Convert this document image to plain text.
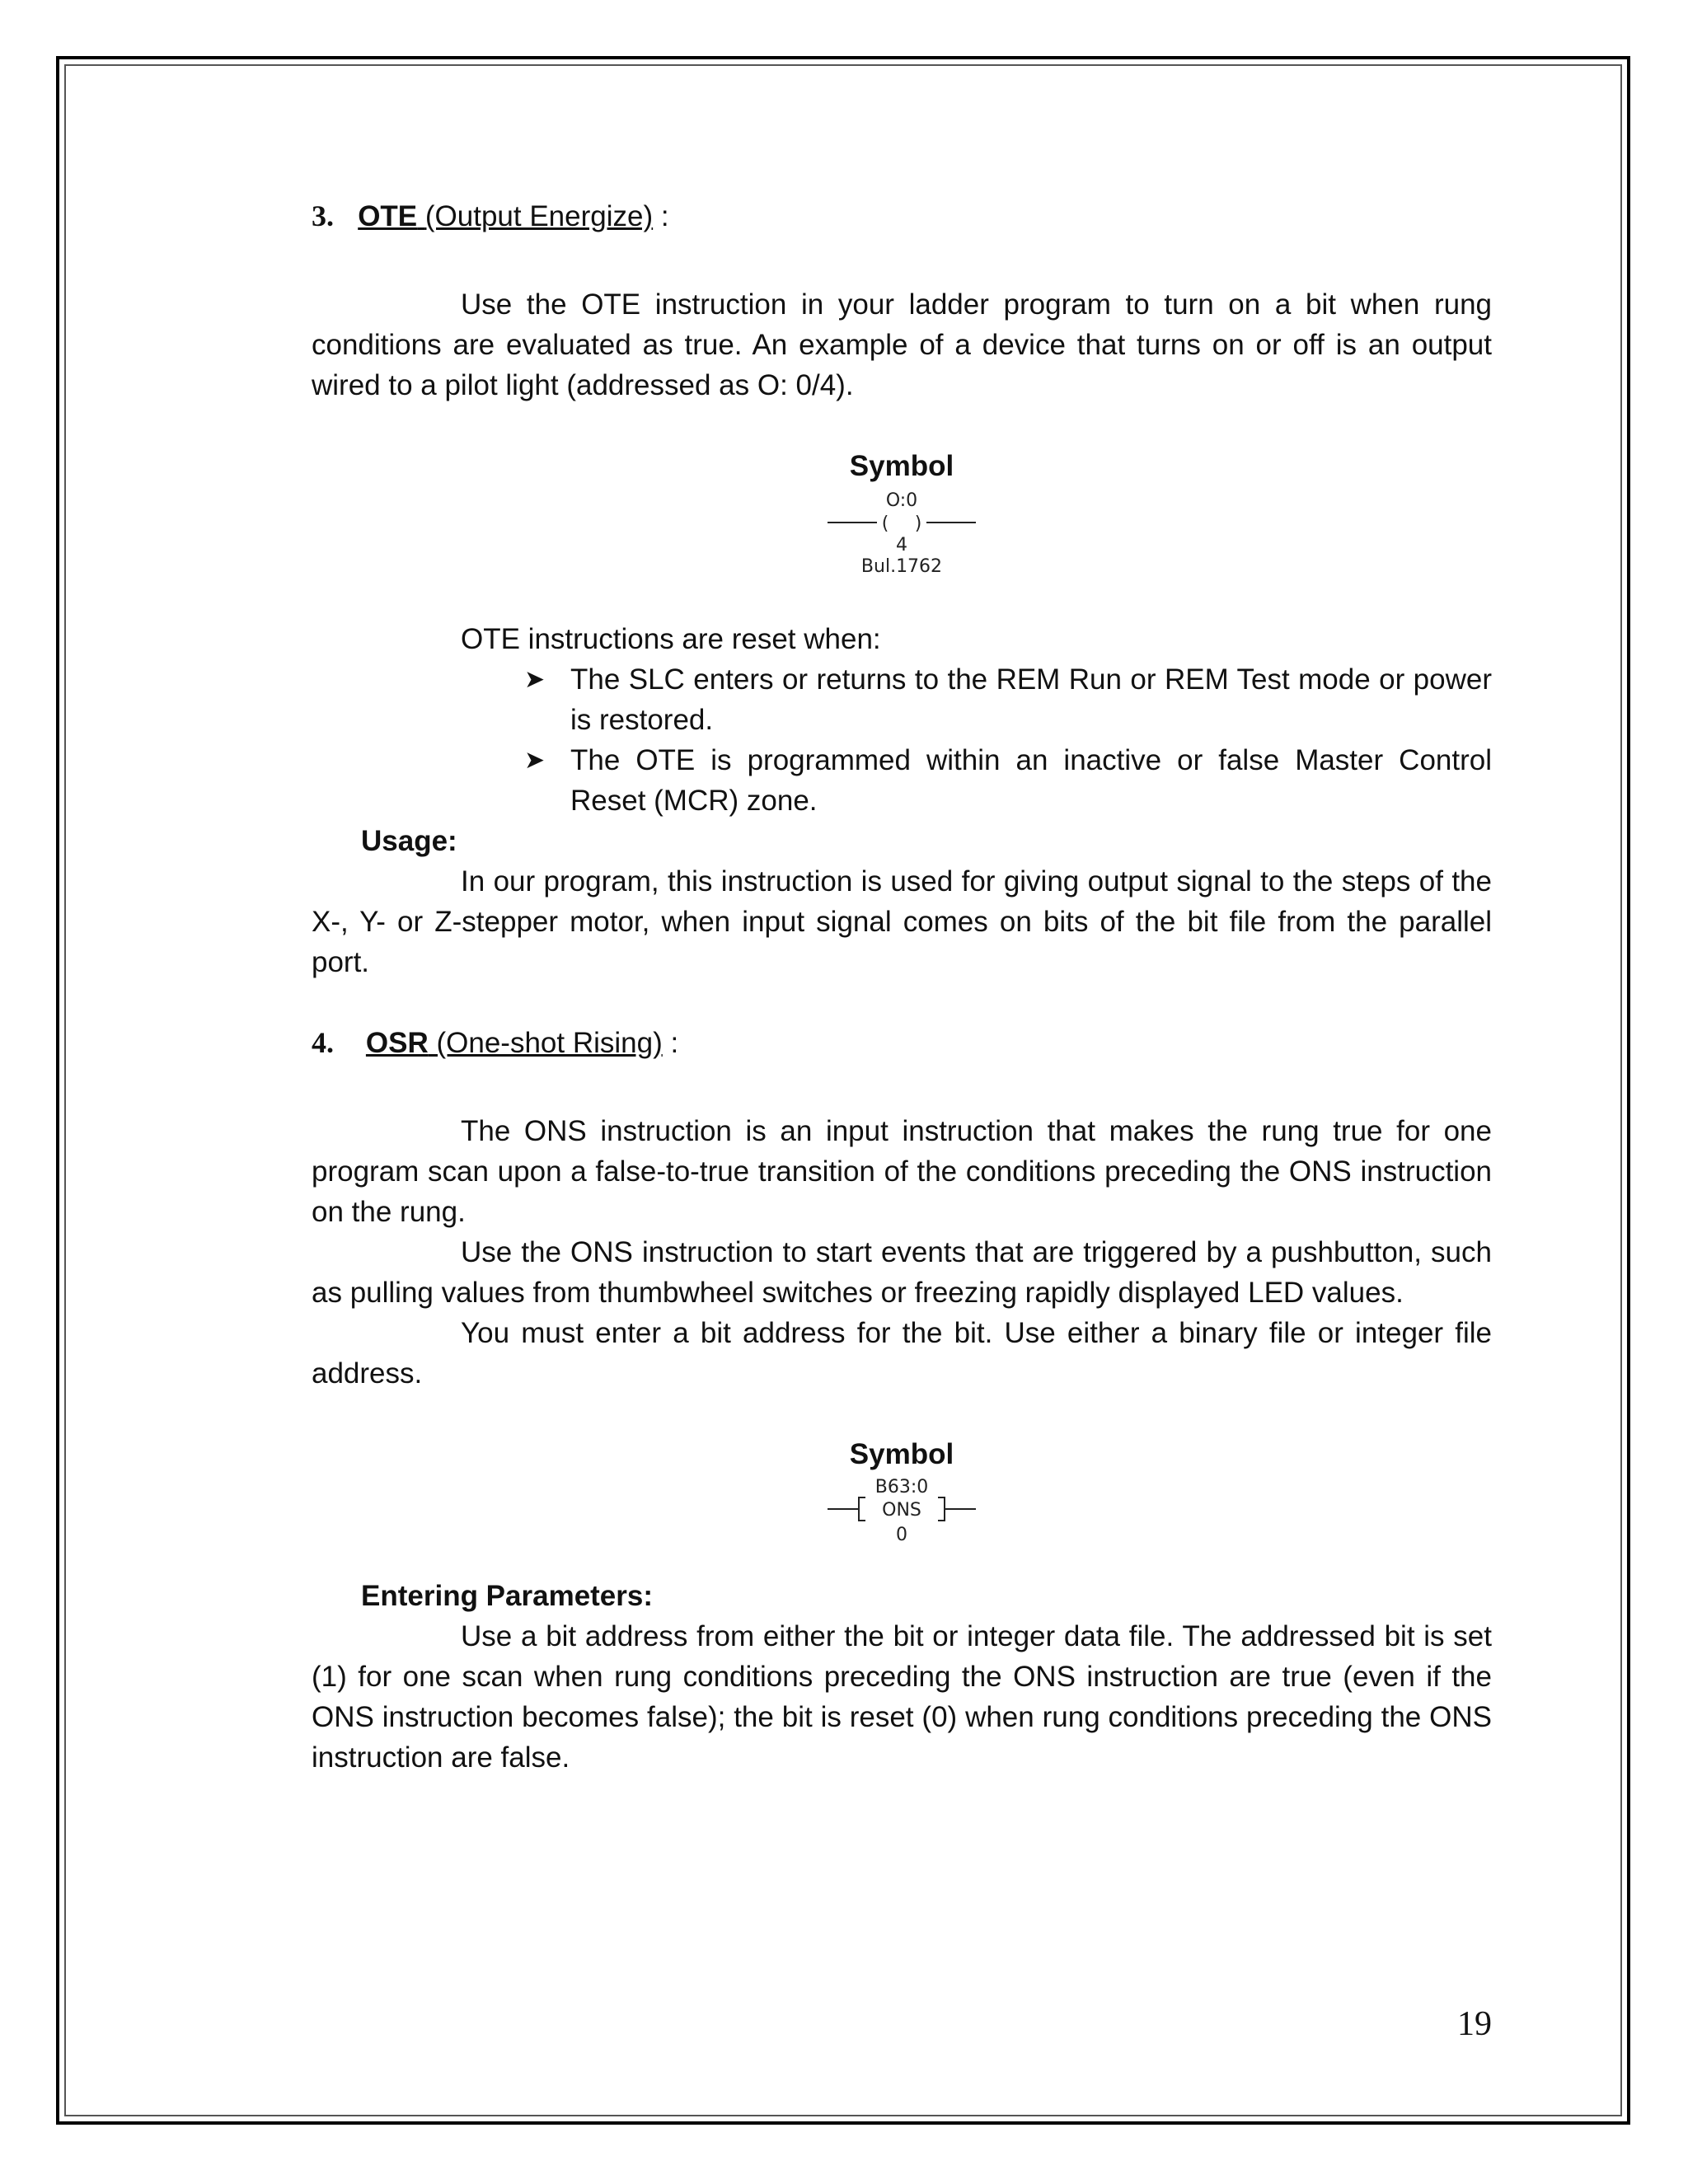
3. OTE (Output Energize) :

Use the OTE instruction in your ladder program to turn on a bit when rung conditions are evaluated as true. An example of a device that turns on or off is an output wired to a pilot light (addressed as O: 0/4).

Symbol
O:0
( )
4
Bul.1762
OTE instructions are reset when:
➤ The SLC enters or returns to the REM Run or REM Test mode or power is restored.
➤ The OTE is programmed within an inactive or false Master Control Reset (MCR) zone.
Usage:

In our program, this instruction is used for giving output signal to the steps of the X-, Y- or Z-stepper motor, when input signal comes on bits of the bit file from the parallel port.

4. OSR (One-shot Rising) :

The ONS instruction is an input instruction that makes the rung true for one program scan upon a false-to-true transition of the conditions preceding the ONS instruction on the rung.

Use the ONS instruction to start events that are triggered by a pushbutton, such as pulling values from thumbwheel switches or freezing rapidly displayed LED values.

You must enter a bit address for the bit. Use either a binary file or integer file address.

Symbol
B63:0
ONS
0
Entering Parameters:

Use a bit address from either the bit or integer data file. The addressed bit is set (1) for one scan when rung conditions preceding the ONS instruction are true (even if the ONS instruction becomes false); the bit is reset (0) when rung conditions preceding the ONS instruction are false.

19
